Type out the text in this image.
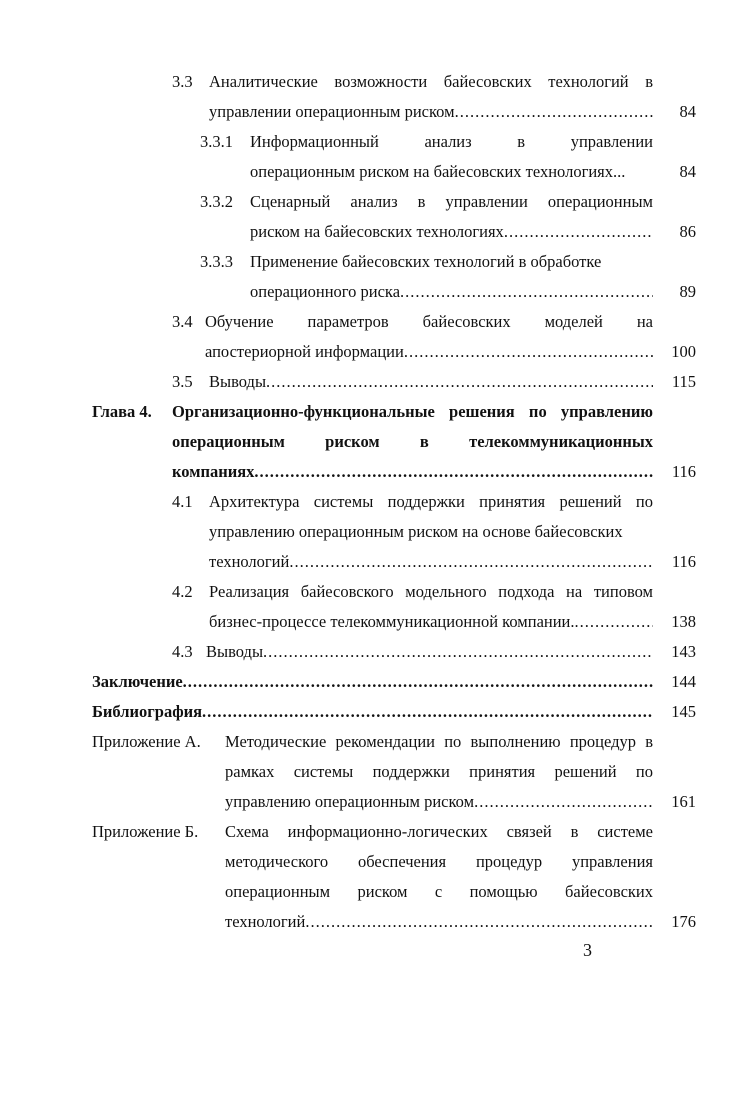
3.3 Аналитические возможности байесовских технологий в
управлении операционным риском .....	84
3.3.1 Информационный анализ в управлении
операционным риском на байесовских технологиях...	84
3.3.2 Сценарный анализ в управлении операционным
риском на байесовских технологиях .....	86
3.3.3 Применение байесовских технологий в обработке
операционного риска .....	89
3.4 Обучение параметров байесовских моделей на
апостериорной информации .....	100
3.5 Выводы .....	115
Глава 4. Организационно-функциональные решения по управлению
операционным риском в телекоммуникационных
компаниях .....	116
4.1 Архитектура системы поддержки принятия решений по
управлению операционным риском на основе байесовских
технологий .....	116
4.2 Реализация байесовского модельного подхода на типовом
бизнес-процессе телекоммуникационной компании. .....	138
4.3 Выводы .....	143
Заключение .....	144
Библиография .....	145
Приложение А. Методические рекомендации по выполнению процедур в
рамках системы поддержки принятия решений по
управлению операционным риском .....	161
Приложение Б. Схема информационно-логических связей в системе
методического обеспечения процедур управления
операционным риском с помощью байесовских
технологий .....	176
3
